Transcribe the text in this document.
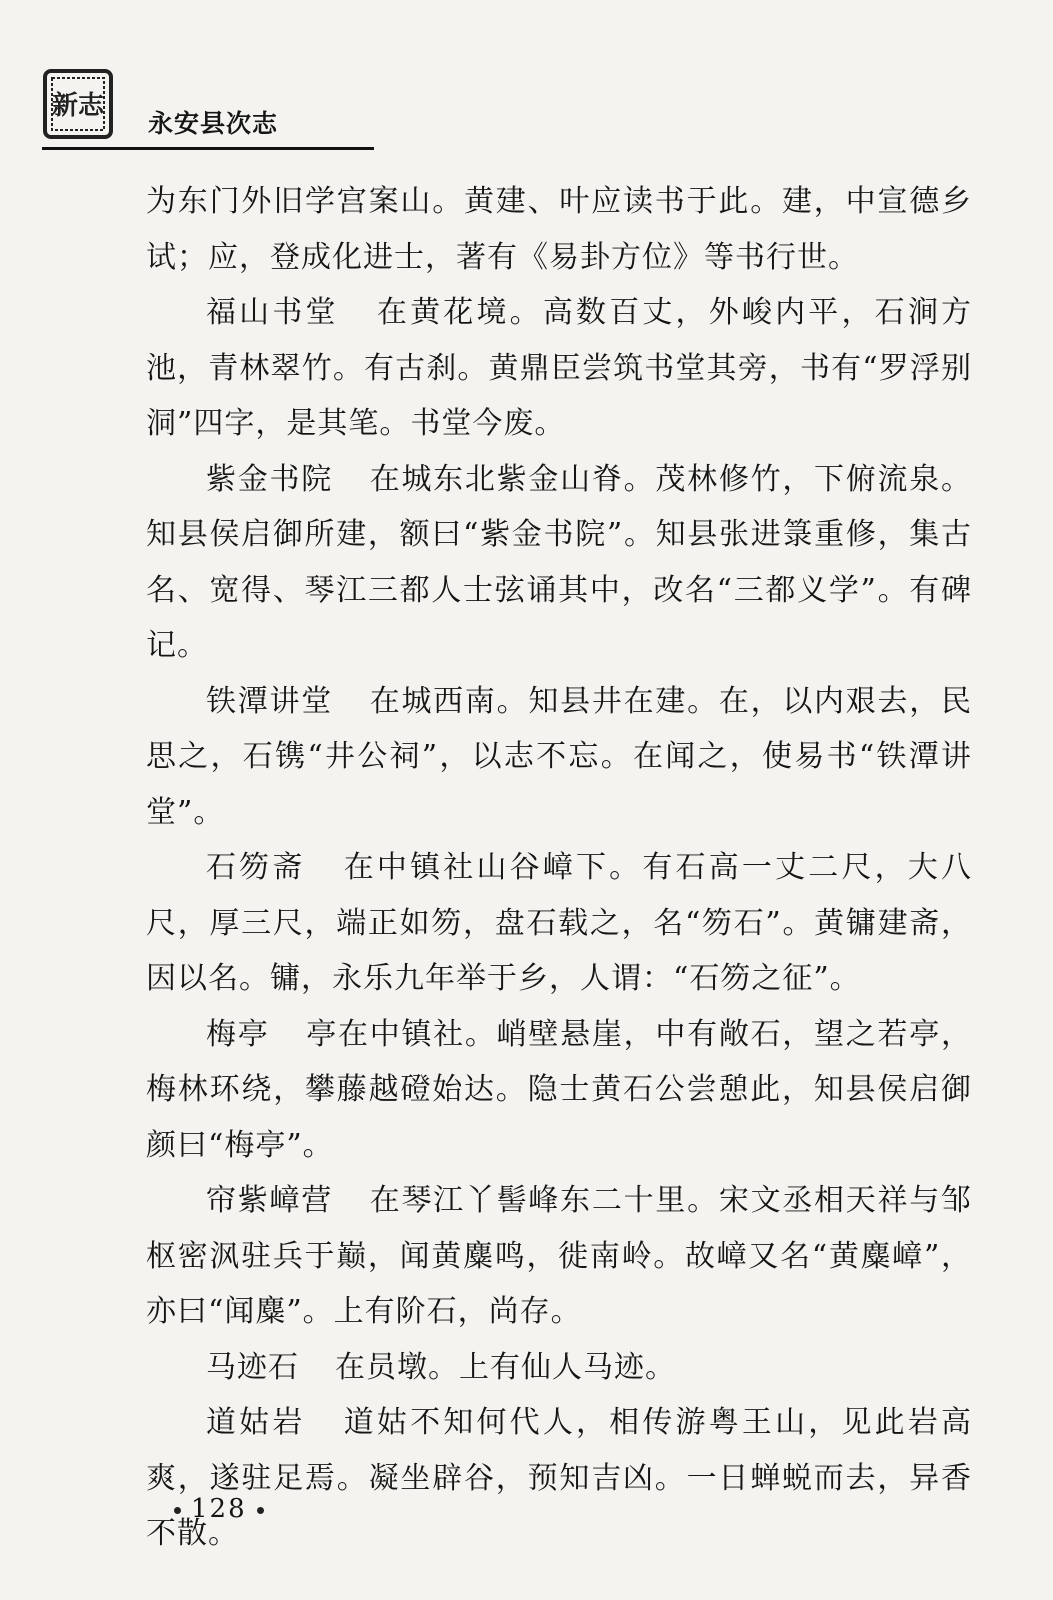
新志
永安县次志

为东门外旧学宫案山。黄建、叶应读书于此。建，中宣德乡试；应，登成化进士，著有《易卦方位》等书行世。

福山书堂 在黄花境。高数百丈，外峻内平，石涧方池，青林翠竹。有古刹。黄鼎臣尝筑书堂其旁，书有“罗浮别洞”四字，是其笔。书堂今废。

紫金书院 在城东北紫金山脊。茂林修竹，下俯流泉。知县侯启御所建，额曰“紫金书院”。知县张进箓重修，集古名、宽得、琴江三都人士弦诵其中，改名“三都义学”。有碑记。

铁潭讲堂 在城西南。知县井在建。在，以内艰去，民思之，石镌“井公祠”，以志不忘。在闻之，使易书“铁潭讲堂”。

石笏斋 在中镇社山谷嶂下。有石高一丈二尺，大八尺，厚三尺，端正如笏，盘石载之，名“笏石”。黄镛建斋，因以名。镛，永乐九年举于乡，人谓：“石笏之征”。

梅亭 亭在中镇社。峭壁悬崖，中有敞石，望之若亭，梅林环绕，攀藤越磴始达。隐士黄石公尝憩此，知县侯启御颜曰“梅亭”。

帘紫嶂营 在琴江丫髻峰东二十里。宋文丞相天祥与邹枢密沨驻兵于巅，闻黄麋鸣，徙南岭。故嶂又名“黄麋嶂”，亦曰“闻麋”。上有阶石，尚存。

马迹石 在员墩。上有仙人马迹。

道姑岩 道姑不知何代人，相传游粤王山，见此岩高爽，遂驻足焉。凝坐辟谷，预知吉凶。一日蝉蜕而去，异香不散。

128
